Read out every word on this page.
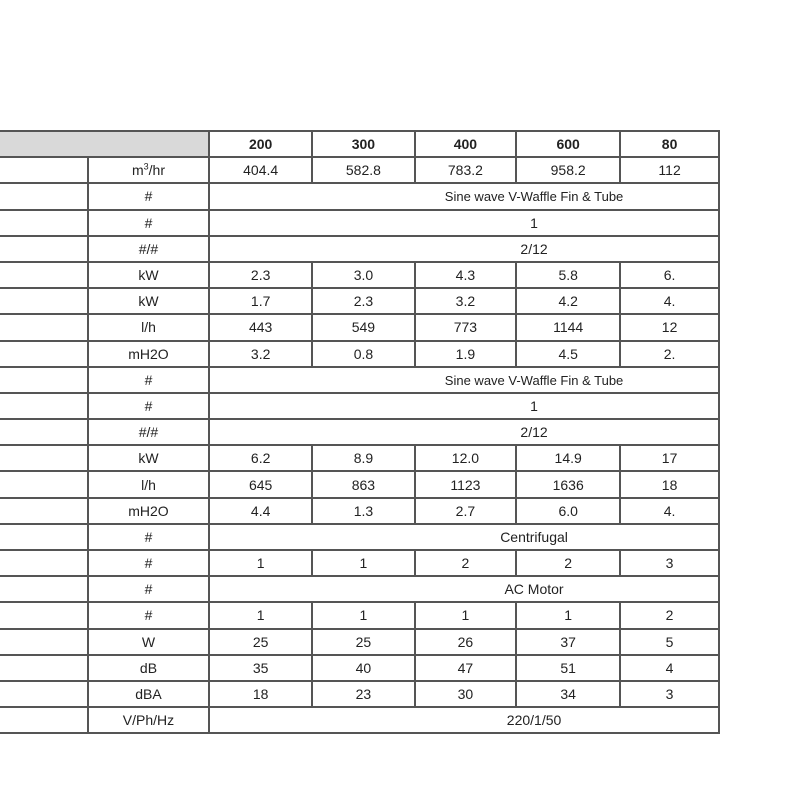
	200	300	400	600	80
	$m^3/hr$	404.4	582.8	783.2	958.2	112
	#	Sine wave V-Waffle Fin & Tube				
	#	1				
	#/#	2/12				
	kW	2.3	3.0	4.3	5.8	6.
	kW	1.7	2.3	3.2	4.2	4.
	l/h	443	549	773	1144	12
	mH2O	3.2	0.8	1.9	4.5	2.
	#	Sine wave V-Waffle Fin & Tube				
	#	1				
	#/#	2/12				
	kW	6.2	8.9	12.0	14.9	17
	l/h	645	863	1123	1636	18
	mH2O	4.4	1.3	2.7	6.0	4.
	#	Centrifugal				
	#	1	1	2	2	3
	#	AC Motor				
	#	1	1	1	1	2
	W	25	25	26	37	5
	dB	35	40	47	51	4
	dBA	18	23	30	34	3
	V/Ph/Hz	220/1/50				
